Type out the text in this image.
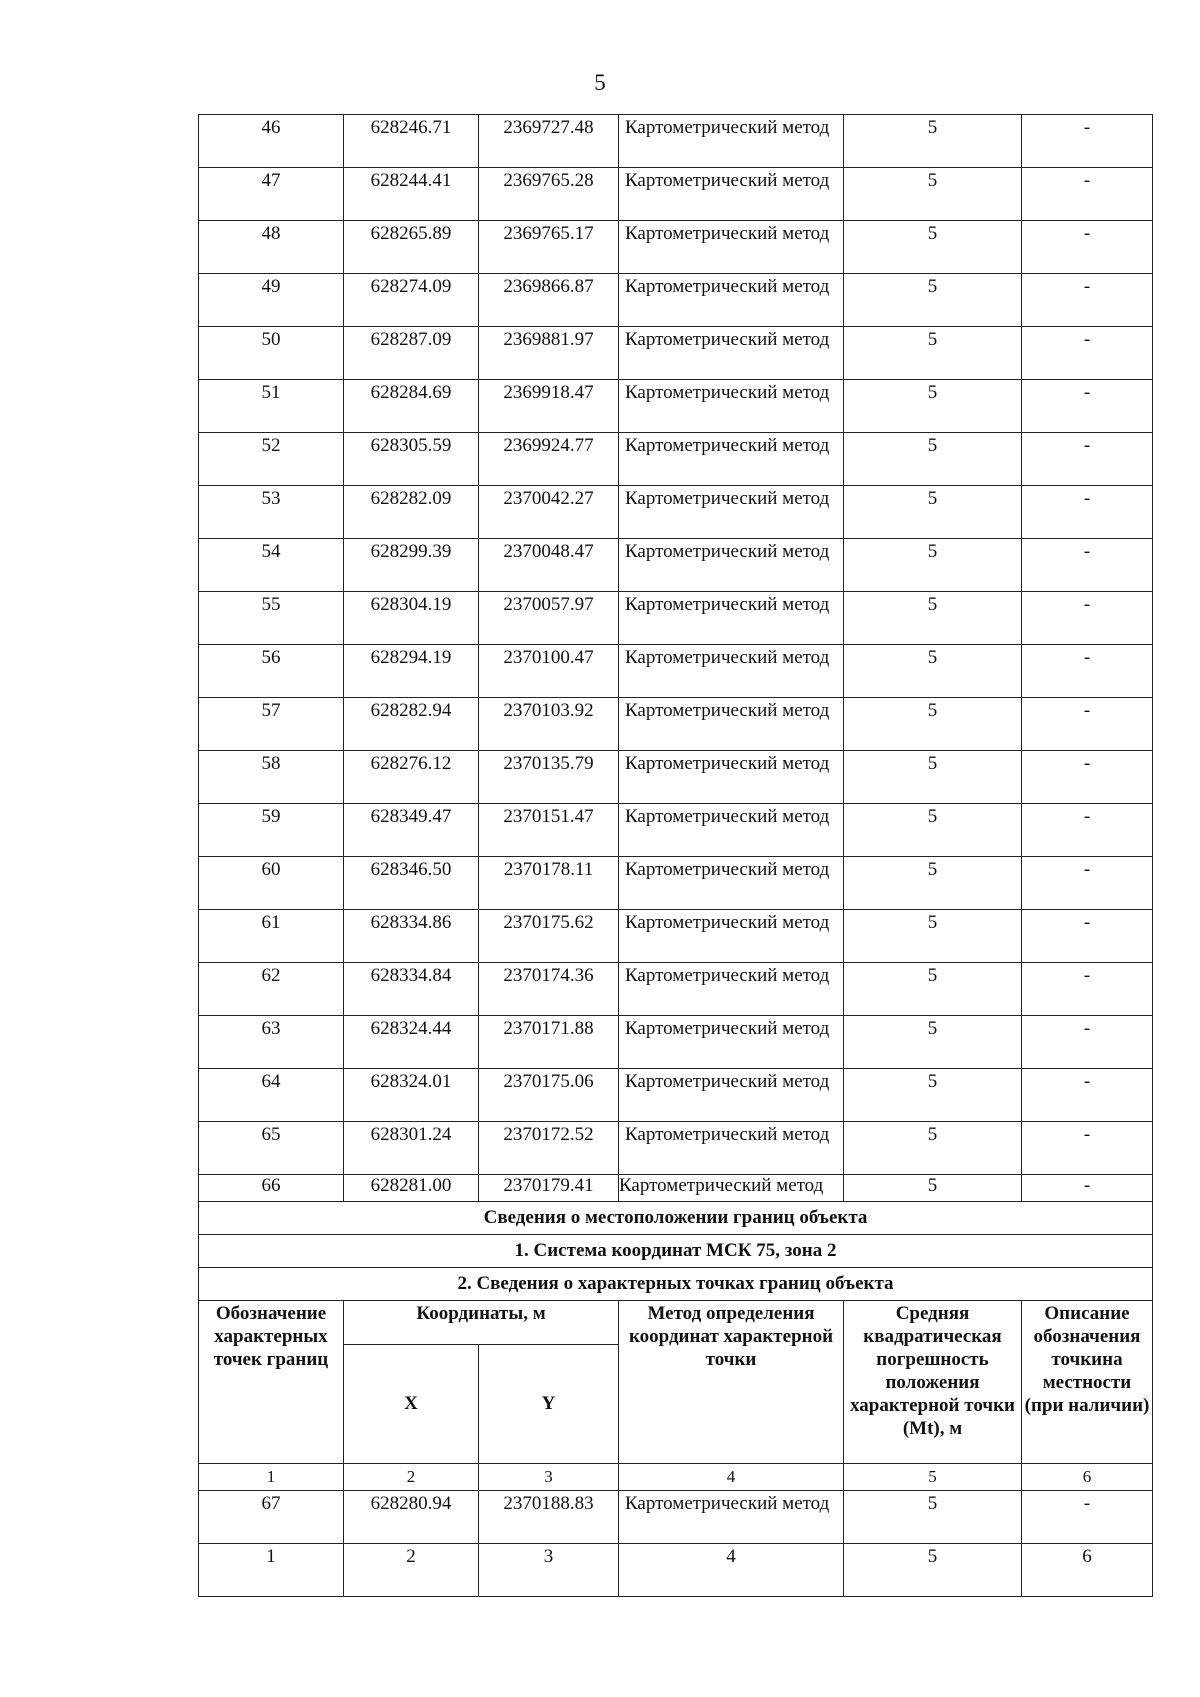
5
46	628246.71	2369727.48	Картометрический метод	5	-
47	628244.41	2369765.28	Картометрический метод	5	-
48	628265.89	2369765.17	Картометрический метод	5	-
49	628274.09	2369866.87	Картометрический метод	5	-
50	628287.09	2369881.97	Картометрический метод	5	-
51	628284.69	2369918.47	Картометрический метод	5	-
52	628305.59	2369924.77	Картометрический метод	5	-
53	628282.09	2370042.27	Картометрический метод	5	-
54	628299.39	2370048.47	Картометрический метод	5	-
55	628304.19	2370057.97	Картометрический метод	5	-
56	628294.19	2370100.47	Картометрический метод	5	-
57	628282.94	2370103.92	Картометрический метод	5	-
58	628276.12	2370135.79	Картометрический метод	5	-
59	628349.47	2370151.47	Картометрический метод	5	-
60	628346.50	2370178.11	Картометрический метод	5	-
61	628334.86	2370175.62	Картометрический метод	5	-
62	628334.84	2370174.36	Картометрический метод	5	-
63	628324.44	2370171.88	Картометрический метод	5	-
64	628324.01	2370175.06	Картометрический метод	5	-
65	628301.24	2370172.52	Картометрический метод	5	-
66	628281.00	2370179.41	Картометрический метод	5	-
Сведения о местоположении границ объекта					
1. Система координат МСК 75, зона 2					
2. Сведения о характерных точках границ объекта					
Обозначение характерных точек границ	Координаты, м		Метод определения координат характерной точки	Средняя квадратическая погрешность положения характерной точки (Mt), м	Описание обозначения точкина местности (при наличии)
	X	Y			
1	2	3	4	5	6
67	628280.94	2370188.83	Картометрический метод	5	-
1	2	3	4	5	6
